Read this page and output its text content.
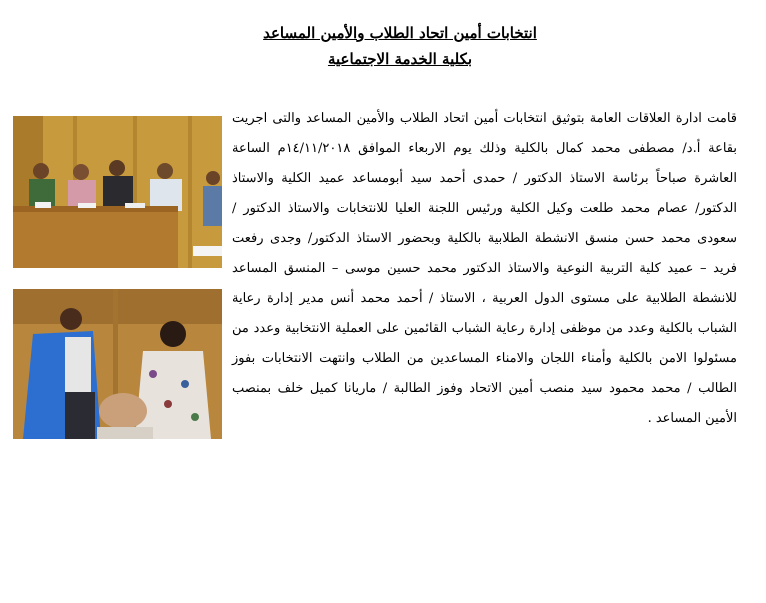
انتخابات أمين اتحاد الطلاب والأمين المساعد
بكلية الخدمة الاجتماعية

قامت ادارة العلاقات العامة بتوثيق انتخابات أمين اتحاد الطلاب والأمين المساعد والتى اجريت بقاعة أ.د/ مصطفى محمد كمال بالكلية وذلك يوم الاربعاء الموافق ١٤/١١/٢٠١٨م الساعة العاشرة صباحاً برئاسة الاستاذ الدكتور / حمدى أحمد سيد أبومساعد عميد الكلية والاستاذ الدكتور/ عصام محمد طلعت وكيل الكلية ورئيس اللجنة العليا للانتخابات والاستاذ الدكتور / سعودى محمد حسن منسق الانشطة الطلابية بالكلية وبحضور الاستاذ الدكتور/ وجدى رفعت فريد – عميد كلية التربية النوعية والاستاذ الدكتور محمد حسين موسى – المنسق المساعد للانشطة الطلابية على مستوى الدول العربية ، الاستاذ / أحمد محمد أنس مدير إدارة رعاية الشباب بالكلية وعدد من موظفى إدارة رعاية الشباب القائمين على العملية الانتخابية وعدد من مسئولوا الامن بالكلية وأمناء اللجان والامناء المساعدين من الطلاب وانتهت الانتخابات بفوز الطالب / محمد محمود سيد منصب أمين الاتحاد وفوز الطالبة / ماريانا كميل خلف بمنصب الأمين المساعد .
